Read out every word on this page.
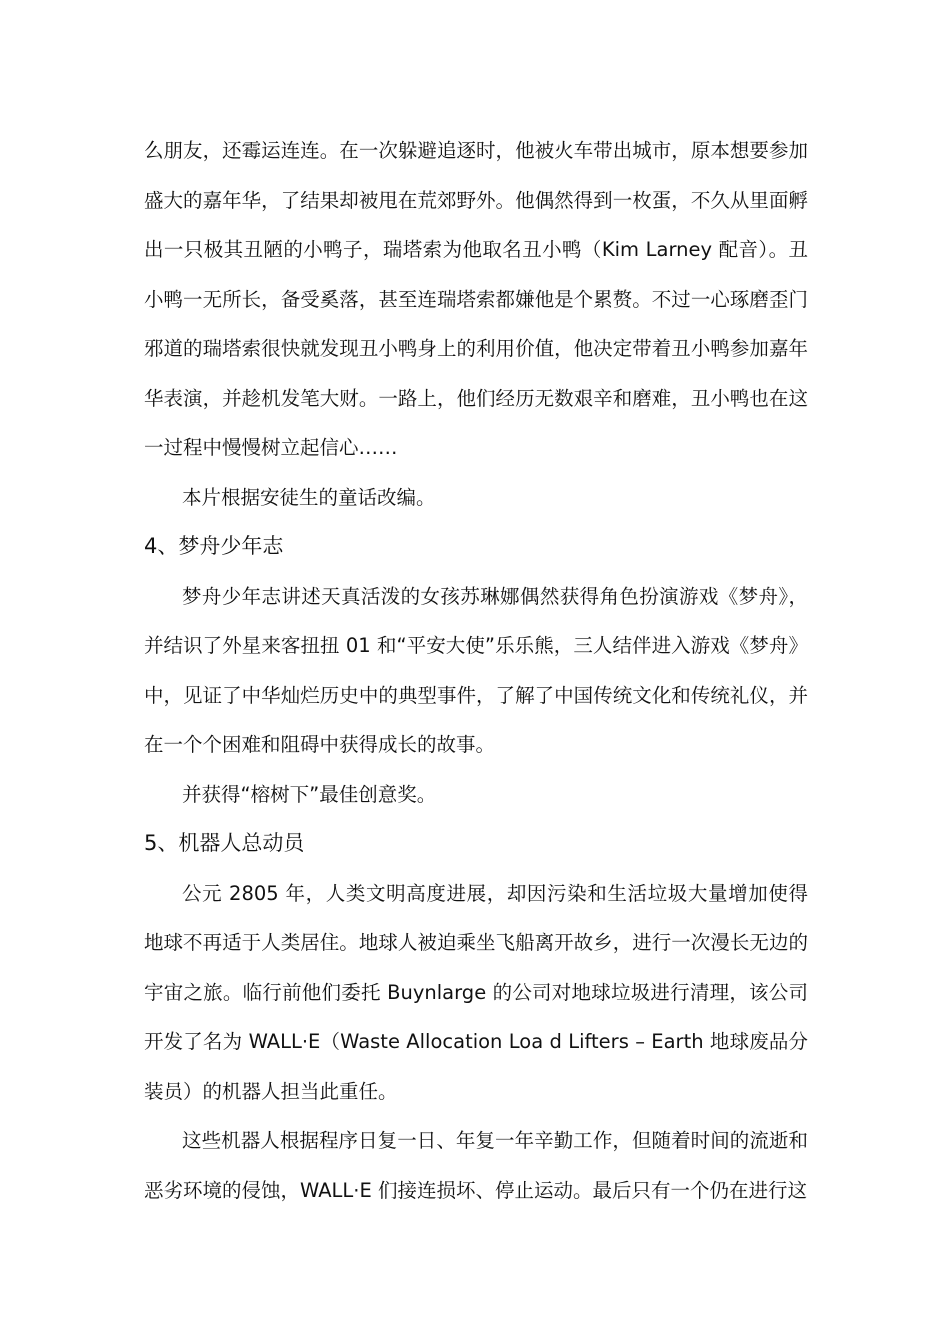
么朋友，还霉运连连。在一次躲避追逐时，他被火车带出城市，原本想要参加盛大的嘉年华，了结果却被甩在荒郊野外。他偶然得到一枚蛋，不久从里面孵出一只极其丑陋的小鸭子，瑞塔索为他取名丑小鸭（Kim Larney 配音）。丑小鸭一无所长，备受奚落，甚至连瑞塔索都嫌他是个累赘。不过一心琢磨歪门邪道的瑞塔索很快就发现丑小鸭身上的利用价值，他决定带着丑小鸭参加嘉年华表演，并趁机发笔大财。一路上，他们经历无数艰辛和磨难，丑小鸭也在这一过程中慢慢树立起信心……

本片根据安徒生的童话改编。

4、梦舟少年志

梦舟少年志讲述天真活泼的女孩苏琳娜偶然获得角色扮演游戏《梦舟》，并结识了外星来客扭扭 01 和“平安大使”乐乐熊，三人结伴进入游戏《梦舟》中，见证了中华灿烂历史中的典型事件，了解了中国传统文化和传统礼仪，并在一个个困难和阻碍中获得成长的故事。

并获得“榕树下”最佳创意奖。

5、机器人总动员

公元 2805 年，人类文明高度进展，却因污染和生活垃圾大量增加使得地球不再适于人类居住。地球人被迫乘坐飞船离开故乡，进行一次漫长无边的宇宙之旅。临行前他们委托 Buynlarge 的公司对地球垃圾进行清理，该公司开发了名为 WALL·E（Waste Allocation Loa d Lifters – Earth 地球废品分装员）的机器人担当此重任。

这些机器人根据程序日复一日、年复一年辛勤工作，但随着时间的流逝和恶劣环境的侵蚀，WALL·E 们接连损坏、停止运动。最后只有一个仍在进行这
